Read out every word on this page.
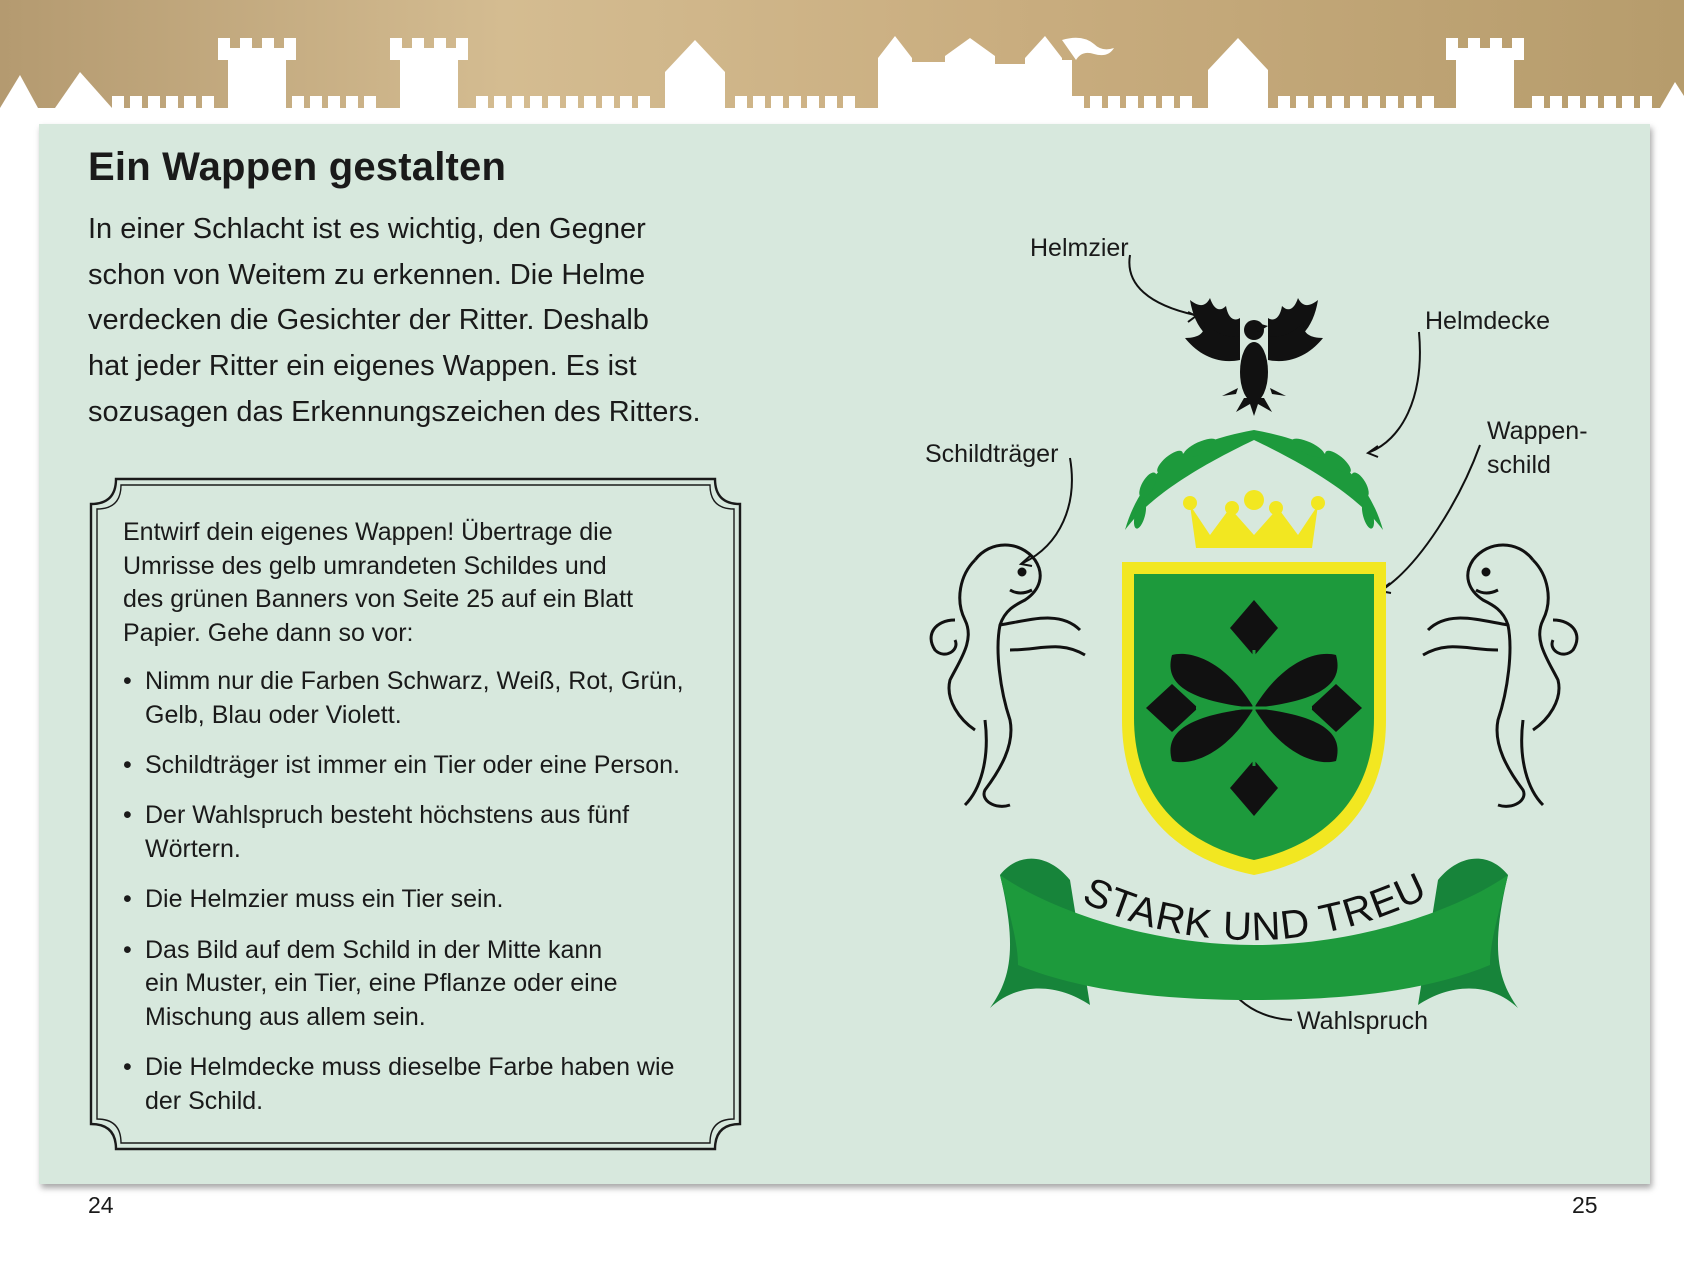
Ein Wappen gestalten

In einer Schlacht ist es wichtig, den Gegner
schon von Weitem zu erkennen. Die Helme
verdecken die Gesichter der Ritter. Deshalb
hat jeder Ritter ein eigenes Wappen. Es ist
sozusagen das Erkennungszeichen des Ritters.

Entwirf dein eigenes Wappen! Übertrage die
Umrisse des gelb umrandeten Schildes und
des grünen Banners von Seite 25 auf ein Blatt
Papier. Gehe dann so vor:

• Nimm nur die Farben Schwarz, Weiß, Rot, Grün,
Gelb, Blau oder Violett.
• Schildträger ist immer ein Tier oder eine Person.
• Der Wahlspruch besteht höchstens aus fünf
Wörtern.
• Die Helmzier muss ein Tier sein.
• Das Bild auf dem Schild in der Mitte kann
ein Muster, ein Tier, eine Pflanze oder eine
Mischung aus allem sein.
• Die Helmdecke muss dieselbe Farbe haben wie
der Schild.
STARK UND TREU
Helmzier
Helmdecke
Wappen-
schild
Schildträger
Wahlspruch
24	25
